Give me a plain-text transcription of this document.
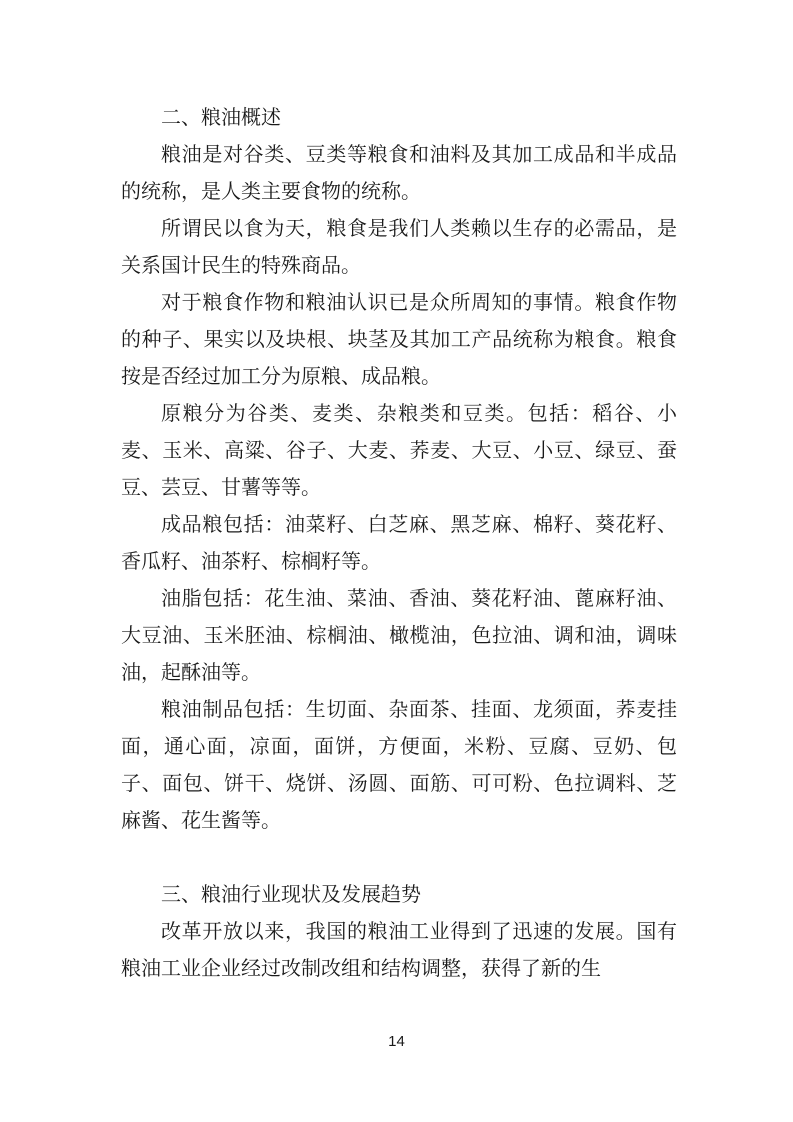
二、粮油概述

粮油是对谷类、豆类等粮食和油料及其加工成品和半成品的统称，是人类主要食物的统称。

所谓民以食为天，粮食是我们人类赖以生存的必需品，是关系国计民生的特殊商品。

对于粮食作物和粮油认识已是众所周知的事情。粮食作物的种子、果实以及块根、块茎及其加工产品统称为粮食。粮食按是否经过加工分为原粮、成品粮。

原粮分为谷类、麦类、杂粮类和豆类。包括：稻谷、小麦、玉米、高粱、谷子、大麦、荞麦、大豆、小豆、绿豆、蚕豆、芸豆、甘薯等等。

成品粮包括：油菜籽、白芝麻、黑芝麻、棉籽、葵花籽、香瓜籽、油茶籽、棕榈籽等。

油脂包括：花生油、菜油、香油、葵花籽油、蓖麻籽油、大豆油、玉米胚油、棕榈油、橄榄油，色拉油、调和油，调味油，起酥油等。

粮油制品包括：生切面、杂面茶、挂面、龙须面，荞麦挂面，通心面，凉面，面饼，方便面，米粉、豆腐、豆奶、包子、面包、饼干、烧饼、汤圆、面筋、可可粉、色拉调料、芝麻酱、花生酱等。

三、粮油行业现状及发展趋势

改革开放以来，我国的粮油工业得到了迅速的发展。国有粮油工业企业经过改制改组和结构调整，获得了新的生

14
